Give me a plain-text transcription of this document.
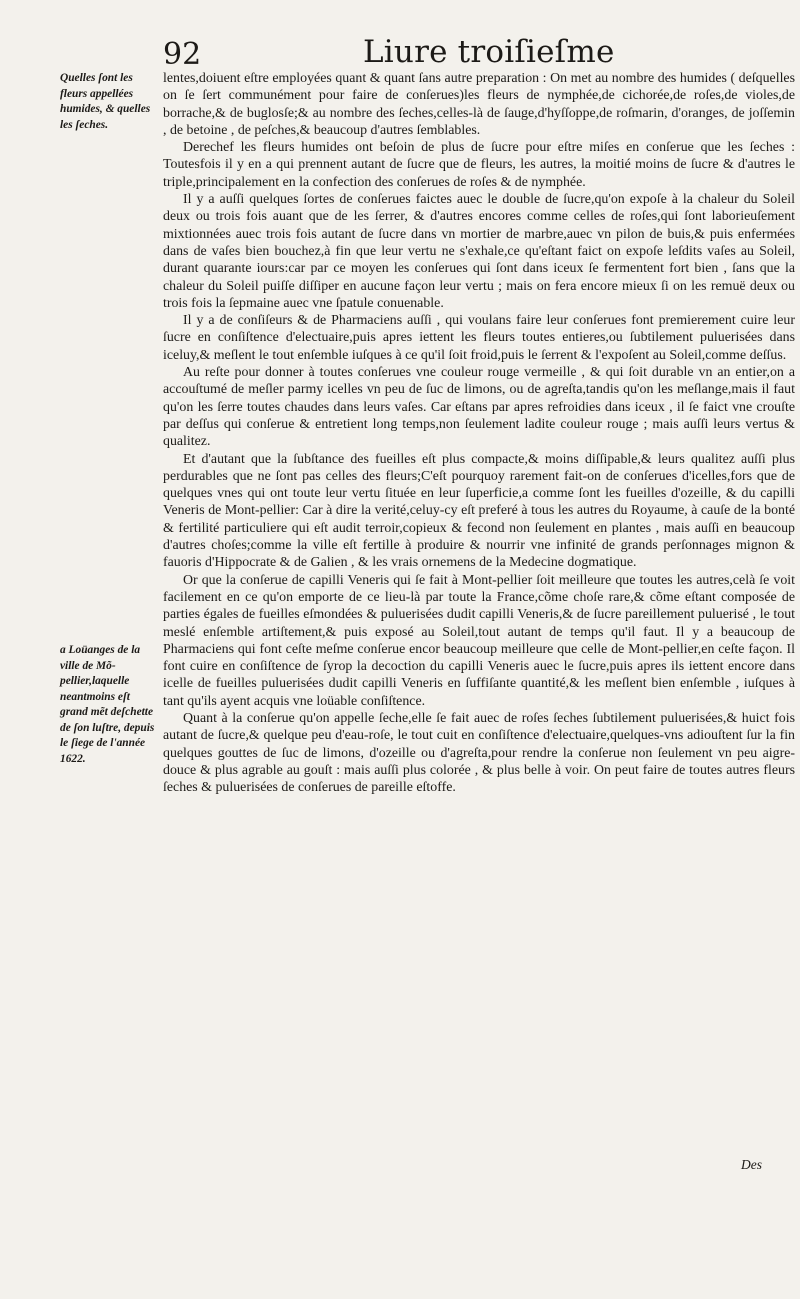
92	Liure troiſieſme
Quelles ſont les fleurs appellées humides, & quelles les ſeches.
a Loüanges de la ville de Mõ-pellier,laquelle neantmoins eſt grand mẽt deſchette de ſon luſtre, depuis le ſiege de l'année 1622.

lentes,doiuent eſtre employées quant & quant ſans autre preparation : On met au nombre des humides ( deſquelles on ſe ſert communément pour faire de conſerues)les fleurs de nymphée,de cichorée,de roſes,de violes,de borrache,& de buglosſe;& au nombre des ſeches,celles-là de ſauge,d'hyſſoppe,de roſmarin, d'oranges, de joſſemin , de betoine , de peſches,& beaucoup d'autres ſemblables.

Derechef les fleurs humides ont beſoin de plus de ſucre pour eſtre miſes en conſerue que les ſeches : Toutesfois il y en a qui prennent autant de ſucre que de fleurs, les autres, la moitié moins de ſucre & d'autres le triple,principalement en la confection des conſerues de roſes & de nymphée.

Il y a auſſi quelques ſortes de conſerues faictes auec le double de ſucre,qu'on expoſe à la chaleur du Soleil deux ou trois fois auant que de les ſerrer, & d'autres encores comme celles de roſes,qui ſont laborieuſement mixtionnées auec trois fois autant de ſucre dans vn mortier de marbre,auec vn pilon de buis,& puis enfermées dans de vaſes bien bouchez,à fin que leur vertu ne s'exhale,ce qu'eſtant faict on expoſe leſdits vaſes au Soleil, durant quarante iours:car par ce moyen les conſerues qui ſont dans iceux ſe fermentent fort bien , ſans que la chaleur du Soleil puiſſe diſſiper en aucune façon leur vertu ; mais on fera encore mieux ſi on les remuë deux ou trois fois la ſepmaine auec vne ſpatule conuenable.

Il y a de conſiſeurs & de Pharmaciens auſſi , qui voulans faire leur conſerues font premierement cuire leur ſucre en conſiſtence d'electuaire,puis apres iettent les fleurs toutes entieres,ou ſubtilement puluerisées dans iceluy,& meſlent le tout enſemble iuſques à ce qu'il ſoit froid,puis le ſerrent & l'expoſent au Soleil,comme deſſus.

Au reſte pour donner à toutes conſerues vne couleur rouge vermeille , & qui ſoit durable vn an entier,on a accouſtumé de meſler parmy icelles vn peu de ſuc de limons, ou de agreſta,tandis qu'on les meſlange,mais il faut qu'on les ſerre toutes chaudes dans leurs vaſes. Car eſtans par apres refroidies dans iceux , il ſe faict vne crouſte par deſſus qui conſerue & entretient long temps,non ſeulement ladite couleur rouge ; mais auſſi leurs vertus & qualitez.

Et d'autant que la ſubſtance des fueilles eſt plus compacte,& moins diſſipable,& leurs qualitez auſſi plus perdurables que ne ſont pas celles des fleurs;C'eſt pourquoy rarement fait-on de conſerues d'icelles,fors que de quelques vnes qui ont toute leur vertu ſituée en leur ſuperficie,a comme ſont les fueilles d'ozeille, & du capilli Veneris de Mont-pellier: Car à dire la verité,celuy-cy eſt preferé à tous les autres du Royaume, à cauſe de la bonté & fertilité particuliere qui eſt audit terroir,copieux & fecond non ſeulement en plantes , mais auſſi en beaucoup d'autres choſes;comme la ville eſt fertille à produire & nourrir vne infinité de grands perſonnages mignon & fauoris d'Hippocrate & de Galien , & les vrais ornemens de la Medecine dogmatique.

Or que la conſerue de capilli Veneris qui ſe fait à Mont-pellier ſoit meilleure que toutes les autres,celà ſe voit facilement en ce qu'on emporte de ce lieu-là par toute la France,cõme choſe rare,& cõme eſtant composée de parties égales de fueilles eſmondées & puluerisées dudit capilli Veneris,& de ſucre pareillement puluerisé , le tout meslé enſemble artiſtement,& puis exposé au Soleil,tout autant de temps qu'il faut. Il y a beaucoup de Pharmaciens qui font ceſte meſme conſerue encor beaucoup meilleure que celle de Mont-pellier,en ceſte façon. Il font cuire en conſiſtence de ſyrop la decoction du capilli Veneris auec le ſucre,puis apres ils iettent encore dans icelle de fueilles puluerisées dudit capilli Veneris en ſuffiſante quantité,& les meſlent bien enſemble , iuſques à tant qu'ils ayent acquis vne loüable conſiſtence.

Quant à la conſerue qu'on appelle ſeche,elle ſe fait auec de roſes ſeches ſubtilement puluerisées,& huict fois autant de ſucre,& quelque peu d'eau-roſe, le tout cuit en conſiſtence d'electuaire,quelques-vns adiouſtent ſur la fin quelques gouttes de ſuc de limons, d'ozeille ou d'agreſta,pour rendre la conſerue non ſeulement vn peu aigre-douce & plus agrable au gouſt : mais auſſi plus colorée , & plus belle à voir. On peut faire de toutes autres fleurs ſeches & puluerisées de conſerues de pareille eſtoffe.

Des
